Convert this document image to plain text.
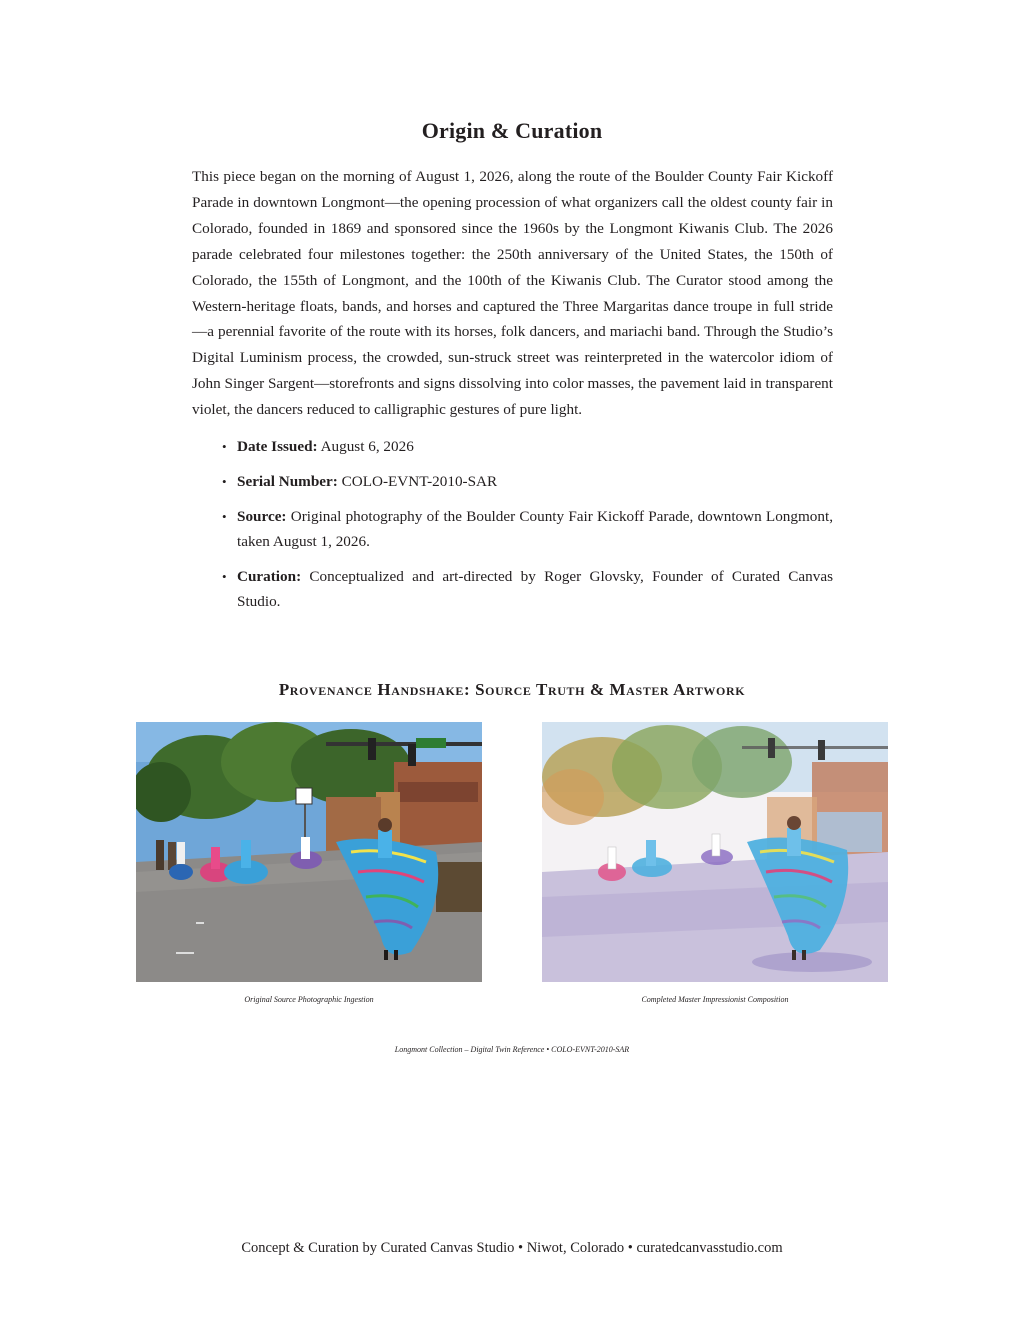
Origin & Curation

This piece began on the morning of August 1, 2026, along the route of the Boulder County Fair Kickoff Parade in downtown Longmont—the opening procession of what organizers call the oldest county fair in Colorado, founded in 1869 and sponsored since the 1960s by the Longmont Kiwanis Club. The 2026 parade celebrated four milestones together: the 250th anniversary of the United States, the 150th of Colorado, the 155th of Longmont, and the 100th of the Kiwanis Club. The Curator stood among the Western-heritage floats, bands, and horses and captured the Three Margaritas dance troupe in full stride—a perennial favorite of the route with its horses, folk dancers, and mariachi band. Through the Studio’s Digital Luminism process, the crowded, sun-struck street was reinterpreted in the watercolor idiom of John Singer Sargent—storefronts and signs dissolving into color masses, the pavement laid in transparent violet, the dancers reduced to calligraphic gestures of pure light.

• Date Issued: August 6, 2026
• Serial Number: COLO-EVNT-2010-SAR
• Source: Original photography of the Boulder County Fair Kickoff Parade, downtown Longmont, taken August 1, 2026.
• Curation: Conceptualized and art-directed by Roger Glovsky, Founder of Curated Canvas Studio.
Provenance Handshake: Source Truth & Master Artwork
Original Source Photographic Ingestion	Completed Master Impressionist Composition
Longmont Collection – Digital Twin Reference • COLO-EVNT-2010-SAR
Concept & Curation by Curated Canvas Studio • Niwot, Colorado • curatedcanvasstudio.com
